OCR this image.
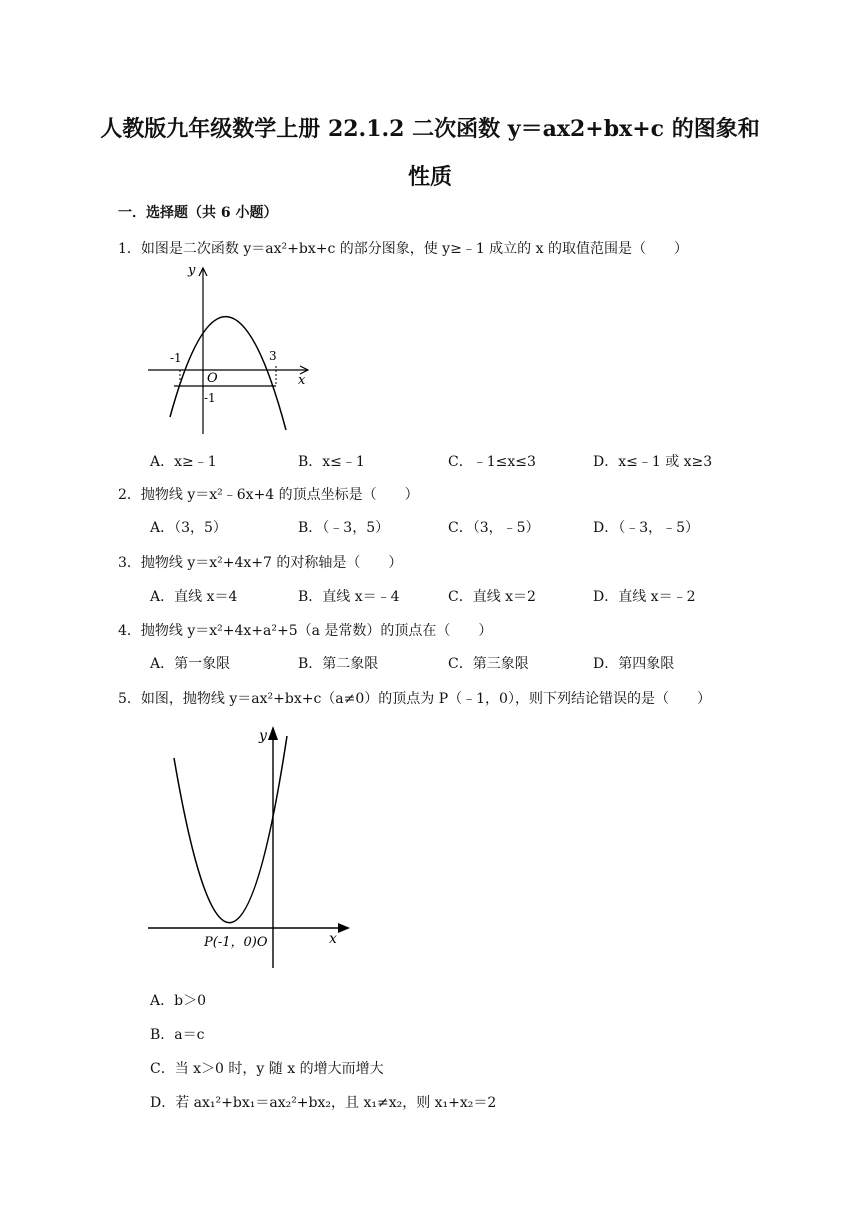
人教版九年级数学上册 22.1.2 二次函数 y＝ax2+bx+c 的图象和
性质
一．选择题（共 6 小题）
1．如图是二次函数 y＝ax²+bx+c 的部分图象，使 y≥﹣1 成立的 x 的取值范围是（　　）
y
x
O
-1	3
-1
A．x≥﹣1	B．x≤﹣1	C．﹣1≤x≤3	D．x≤﹣1 或 x≥3
2．抛物线 y＝x²﹣6x+4 的顶点坐标是（　　）
A．（3，5）	B．（﹣3，5）	C．（3，﹣5）	D．（﹣3，﹣5）
3．抛物线 y＝x²+4x+7 的对称轴是（　　）
A．直线 x＝4	B．直线 x＝﹣4	C．直线 x＝2	D．直线 x＝﹣2
4．抛物线 y＝x²+4x+a²+5（a 是常数）的顶点在（　　）
A．第一象限	B．第二象限	C．第三象限	D．第四象限
5．如图，抛物线 y＝ax²+bx+c（a≠0）的顶点为 P（﹣1，0），则下列结论错误的是（　　）
y
x
P(-1，0)O
A．b＞0
B．a＝c
C．当 x＞0 时，y 随 x 的增大而增大
D．若 ax₁²+bx₁＝ax₂²+bx₂，且 x₁≠x₂，则 x₁+x₂＝2
